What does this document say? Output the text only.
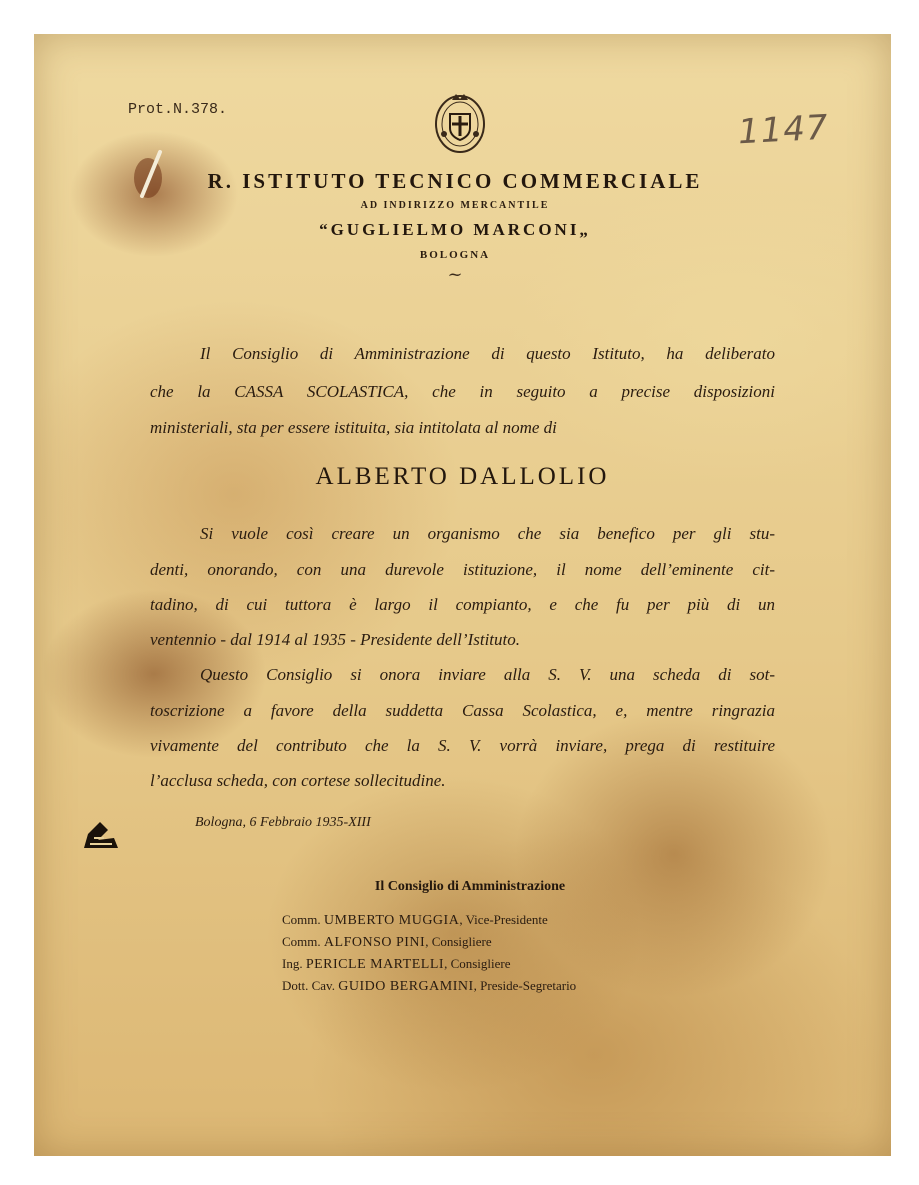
Prot.N.378.	1147
R. ISTITUTO TECNICO COMMERCIALE
AD INDIRIZZO MERCANTILE
“GUGLIELMO MARCONI„
BOLOGNA
~
Il Consiglio di Amministrazione di questo Istituto, ha deliberato
che la CASSA SCOLASTICA, che in seguito a precise disposizioni
ministeriali, sta per essere istituita, sia intitolata al nome di
ALBERTO DALLOLIO
Si vuole così creare un organismo che sia benefico per gli stu-
denti, onorando, con una durevole istituzione, il nome dell’eminente cit-
tadino, di cui tuttora è largo il compianto, e che fu per più di un
ventennio - dal 1914 al 1935 - Presidente dell’Istituto.
Questo Consiglio si onora inviare alla S. V. una scheda di sot-
toscrizione a favore della suddetta Cassa Scolastica, e, mentre ringrazia
vivamente del contributo che la S. V. vorrà inviare, prega di restituire
l’acclusa scheda, con cortese sollecitudine.
Bologna, 6 Febbraio 1935-XIII
Il Consiglio di Amministrazione
Comm. UMBERTO MUGGIA, Vice-Presidente
Comm. ALFONSO PINI, Consigliere
Ing. PERICLE MARTELLI, Consigliere
Dott. Cav. GUIDO BERGAMINI, Preside-Segretario
